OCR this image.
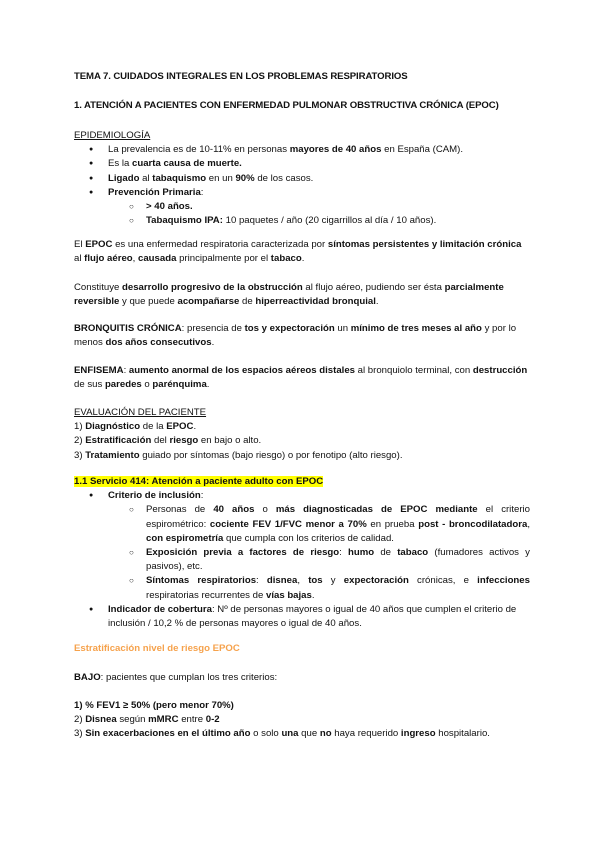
TEMA 7. CUIDADOS INTEGRALES EN LOS PROBLEMAS RESPIRATORIOS
1. ATENCIÓN A PACIENTES CON ENFERMEDAD PULMONAR OBSTRUCTIVA CRÓNICA (EPOC)
EPIDEMIOLOGÍA
● La prevalencia es de 10-11% en personas mayores de 40 años en España (CAM).
● Es la cuarta causa de muerte.
● Ligado al tabaquismo en un 90% de los casos.
● Prevención Primaria:
○ > 40 años.
○ Tabaquismo IPA: 10 paquetes / año (20 cigarrillos al día / 10 años).
El EPOC es una enfermedad respiratoria caracterizada por síntomas persistentes y limitación crónica al flujo aéreo, causada principalmente por el tabaco.
Constituye desarrollo progresivo de la obstrucción al flujo aéreo, pudiendo ser ésta parcialmente reversible y que puede acompañarse de hiperreactividad bronquial.
BRONQUITIS CRÓNICA: presencia de tos y expectoración un mínimo de tres meses al año y por lo menos dos años consecutivos.
ENFISEMA: aumento anormal de los espacios aéreos distales al bronquiolo terminal, con destrucción de sus paredes o parénquima.
EVALUACIÓN DEL PACIENTE
1) Diagnóstico de la EPOC.
2) Estratificación del riesgo en bajo o alto.
3) Tratamiento guiado por síntomas (bajo riesgo) o por fenotipo (alto riesgo).
1.1 Servicio 414: Atención a paciente adulto con EPOC
● Criterio de inclusión:
○ Personas de 40 años o más diagnosticadas de EPOC mediante el criterio espirométrico: cociente FEV 1/FVC menor a 70% en prueba post - broncodilatadora, con espirometría que cumpla con los criterios de calidad.
○ Exposición previa a factores de riesgo: humo de tabaco (fumadores activos y pasivos), etc.
○ Síntomas respiratorios: disnea, tos y expectoración crónicas, e infecciones respiratorias recurrentes de vías bajas.
● Indicador de cobertura: Nº de personas mayores o igual de 40 años que cumplen el criterio de inclusión / 10,2 % de personas mayores o igual de 40 años.
Estratificación nivel de riesgo EPOC
BAJO: pacientes que cumplan los tres criterios:
1) % FEV1 ≥ 50% (pero menor 70%)
2) Disnea según mMRC entre 0-2
3) Sin exacerbaciones en el último año o solo una que no haya requerido ingreso hospitalario.
